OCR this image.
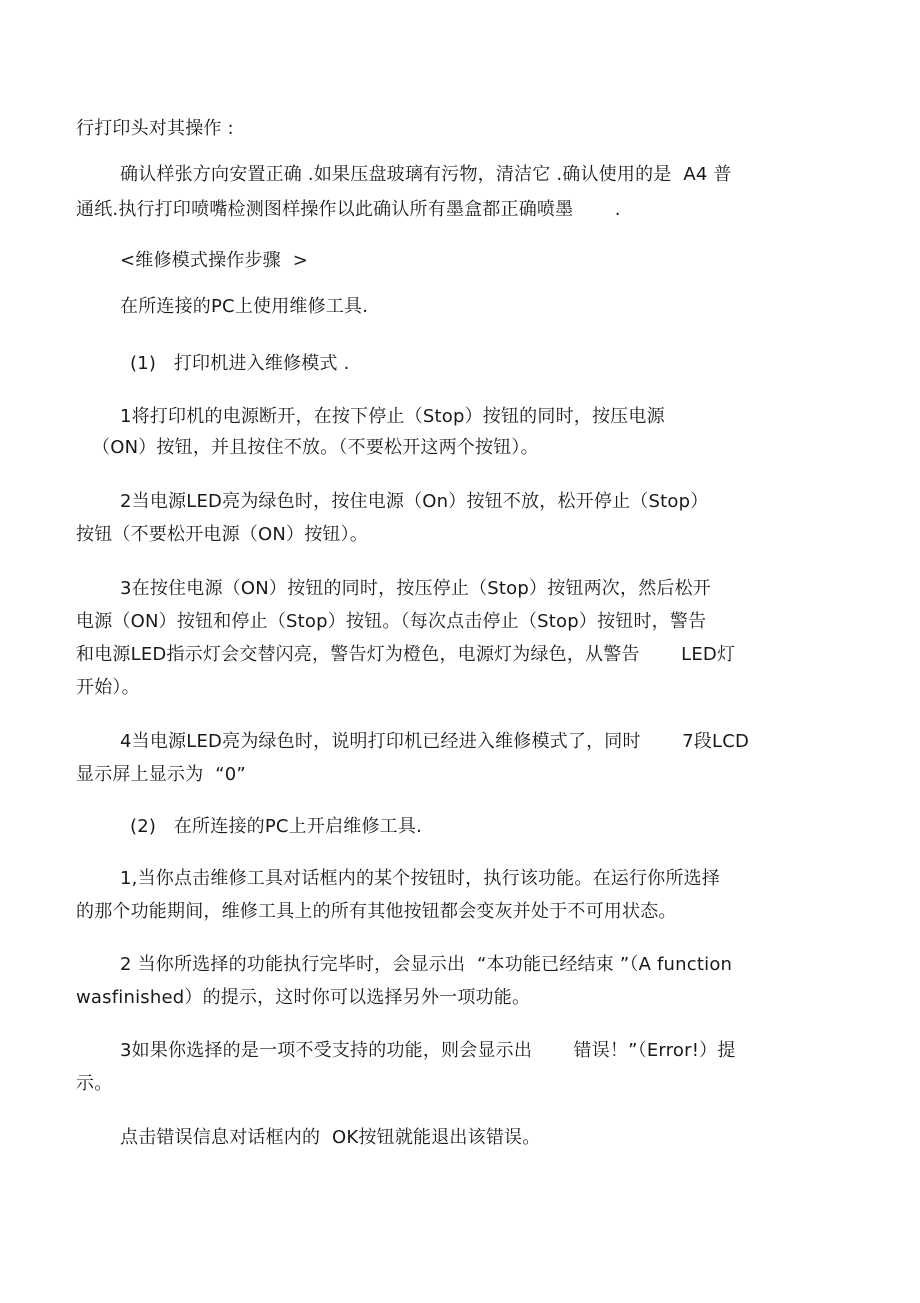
行打印头对其操作 :
确认样张方向安置正确 .如果压盘玻璃有污物，清洁它 .确认使用的是  A4 普
通纸.执行打印喷嘴检测图样操作以此确认所有墨盒都正确喷墨       .
<维修模式操作步骤  >
在所连接的PC上使用维修工具.
(1)   打印机进入维修模式 .
1将打印机的电源断开，在按下停止（Stop）按钮的同时，按压电源
（ON）按钮，并且按住不放。（不要松开这两个按钮）。
2当电源LED亮为绿色时，按住电源（On）按钮不放，松开停止（Stop）
按钮（不要松开电源（ON）按钮）。
3在按住电源（ON）按钮的同时，按压停止（Stop）按钮两次，然后松开
电源（ON）按钮和停止（Stop）按钮。（每次点击停止（Stop）按钮时，警告
和电源LED指示灯会交替闪亮，警告灯为橙色，电源灯为绿色，从警告       LED灯
开始）。
4当电源LED亮为绿色时，说明打印机已经进入维修模式了，同时       7段LCD
显示屏上显示为  “0”
(2)   在所连接的PC上开启维修工具.
1,当你点击维修工具对话框内的某个按钮时，执行该功能。在运行你所选择
的那个功能期间，维修工具上的所有其他按钮都会变灰并处于不可用状态。
2 当你所选择的功能执行完毕时，会显示出  “本功能已经结束 ”（A function
wasfinished）的提示，这时你可以选择另外一项功能。
3如果你选择的是一项不受支持的功能，则会显示出       错误！”（Error!）提
示。
点击错误信息对话框内的  OK按钮就能退出该错误。
